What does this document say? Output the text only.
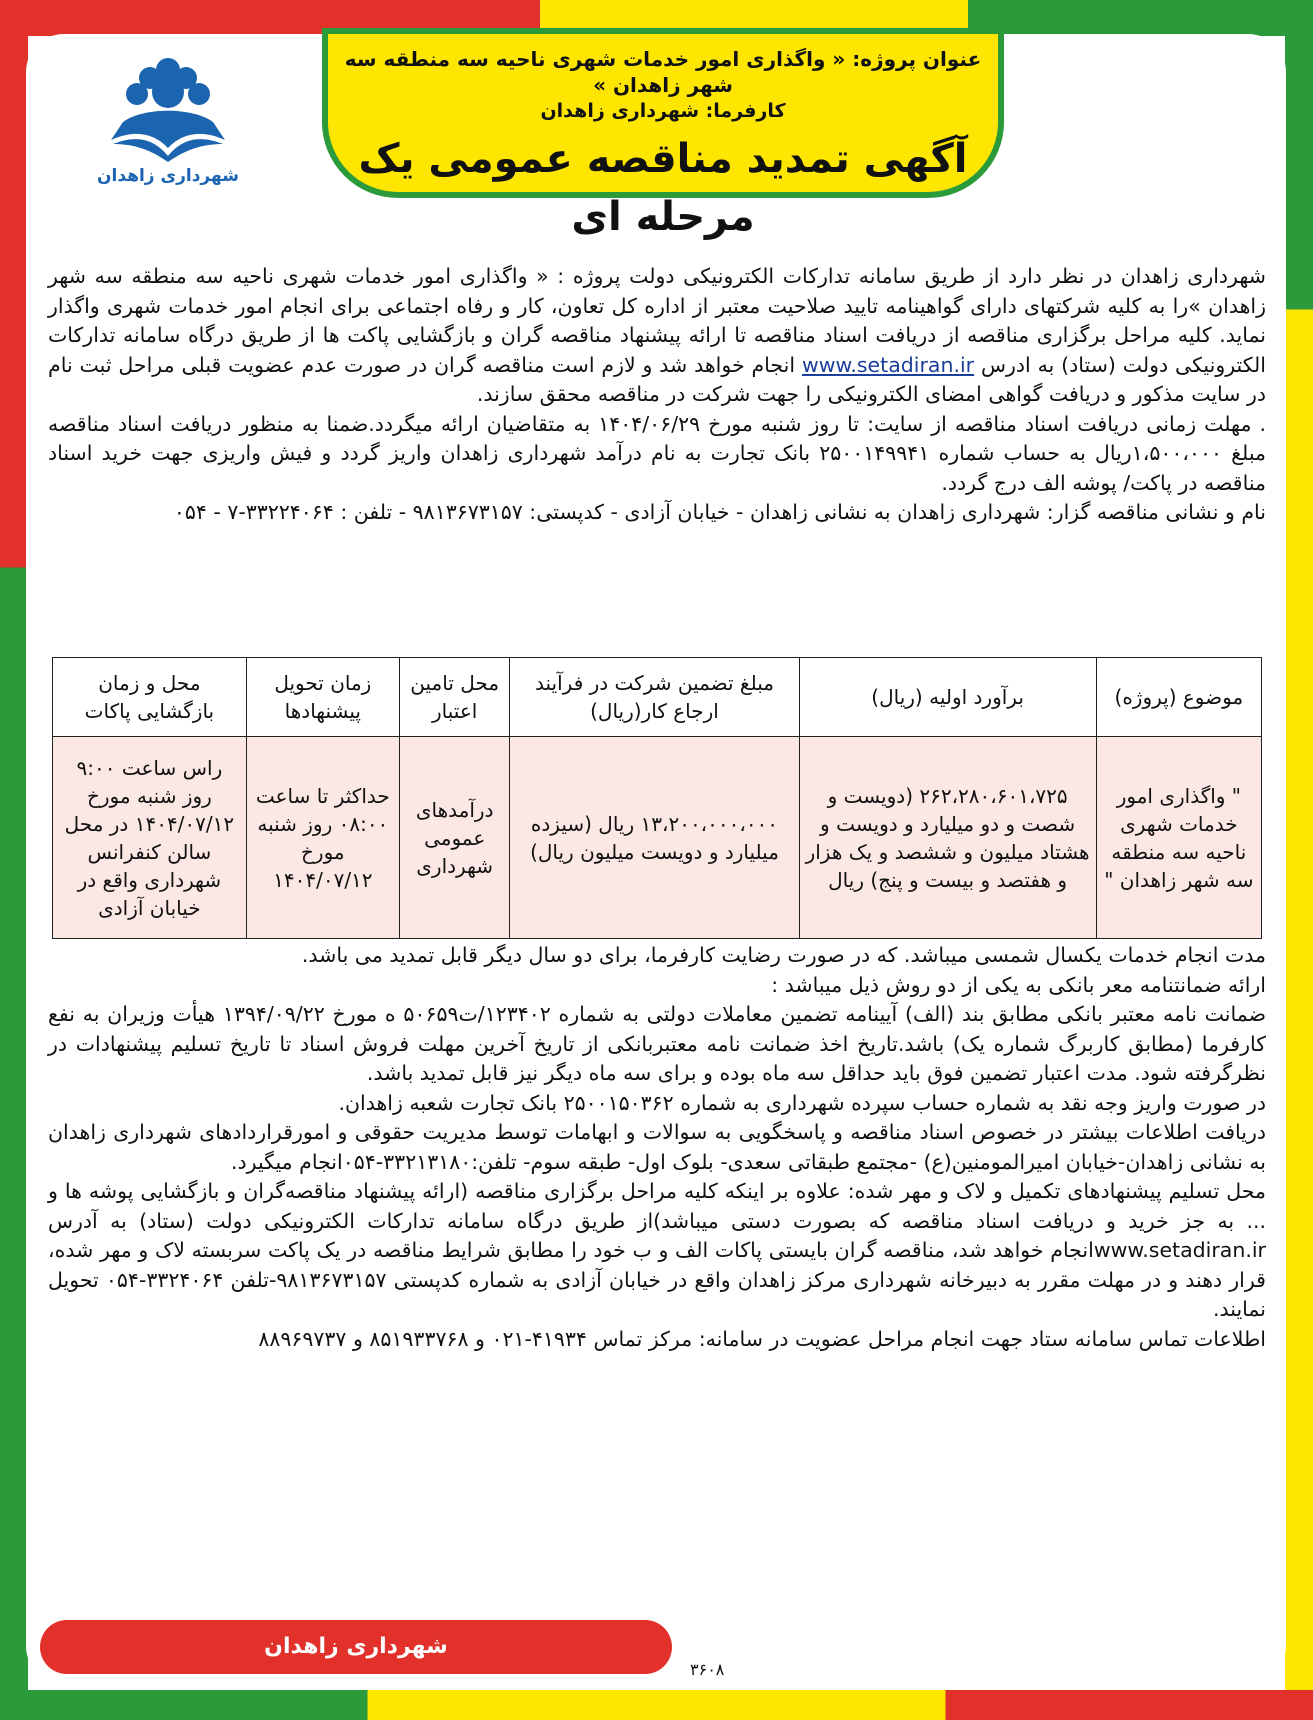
عنوان پروژه: « واگذاری امور خدمات شهری ناحیه سه منطقه سه شهر زاهدان »
کارفرما: شهرداری زاهدان
آگهی تمدید مناقصه عمومی یک مرحله ای
شهرداری زاهدان

شهرداری زاهدان در نظر دارد از طریق سامانه تدارکات الکترونیکی دولت پروژه : « واگذاری امور خدمات شهری ناحیه سه منطقه سه شهر زاهدان »را به کلیه شرکتهای دارای گواهینامه تایید صلاحیت معتبر از اداره کل تعاون، کار و رفاه اجتماعی برای انجام امور خدمات شهری واگذار نماید. کلیه مراحل برگزاری مناقصه از دریافت اسناد مناقصه تا ارائه پیشنهاد مناقصه گران و بازگشایی پاکت ها از طریق درگاه سامانه تدارکات الکترونیکی دولت (ستاد) به ادرس www.setadiran.ir انجام خواهد شد و لازم است مناقصه گران در صورت عدم عضویت قبلی مراحل ثبت نام در سایت مذکور و دریافت گواهی امضای الکترونیکی را جهت شرکت در مناقصه محقق سازند.

. مهلت زمانی دریافت اسناد مناقصه از سایت: تا روز شنبه مورخ ۱۴۰۴/۰۶/۲۹ به متقاضیان ارائه میگردد.ضمنا به منظور دریافت اسناد مناقصه مبلغ ۱،۵۰۰،۰۰۰ریال به حساب شماره ۲۵۰۰۱۴۹۹۴۱ بانک تجارت به نام درآمد شهرداری زاهدان واریز گردد و فیش واریزی جهت خرید اسناد مناقصه در پاکت/ پوشه الف درج گردد.

نام و نشانی مناقصه گزار: شهرداری زاهدان به نشانی زاهدان - خیابان آزادی - کدپستی: ۹۸۱۳۶۷۳۱۵۷ - تلفن : ۳۳۲۲۴۰۶۴-۷ - ۰۵۴

موضوع (پروژه)	برآورد اولیه (ریال)	مبلغ تضمین شرکت در فرآیند ارجاع کار(ریال)	محل تامین اعتبار	زمان تحویل پیشنهادها	محل و زمان بازگشایی پاکات
" واگذاری امور خدمات شهری ناحیه سه منطقه سه شهر زاهدان "	۲۶۲،۲۸۰،۶۰۱،۷۲۵ (دویست و شصت و دو میلیارد و دویست و هشتاد میلیون و ششصد و یک هزار و هفتصد و بیست و پنج) ریال	۱۳،۲۰۰،۰۰۰،۰۰۰ ریال (سیزده میلیارد و دویست میلیون ریال)	درآمدهای عمومی شهرداری	حداکثر تا ساعت ۰۸:۰۰ روز شنبه مورخ ۱۴۰۴/۰۷/۱۲	راس ساعت ۹:۰۰ روز شنبه مورخ ۱۴۰۴/۰۷/۱۲ در محل سالن کنفرانس شهرداری واقع در خیابان آزادی

مدت انجام خدمات یکسال شمسی میباشد. که در صورت رضایت کارفرما، برای دو سال دیگر قابل تمدید می باشد.

ارائه ضمانتنامه معر بانکی به یکی از دو روش ذیل میباشد :

ضمانت نامه معتبر بانکی مطابق بند (الف) آیینامه تضمین معاملات دولتی به شماره ۱۲۳۴۰۲/ت۵۰۶۵۹ ه مورخ ۱۳۹۴/۰۹/۲۲ هیأت وزیران به نفع کارفرما (مطابق کاربرگ شماره یک) باشد.تاریخ اخذ ضمانت نامه معتبربانکی از تاریخ آخرین مهلت فروش اسناد تا تاریخ تسلیم پیشنهادات در نظرگرفته شود. مدت اعتبار تضمین فوق باید حداقل سه ماه بوده و برای سه ماه دیگر نیز قابل تمدید باشد.

در صورت واریز وجه نقد به شماره حساب سپرده شهرداری به شماره ۲۵۰۰۱۵۰۳۶۲ بانک تجارت شعبه زاهدان.

دریافت اطلاعات بیشتر در خصوص اسناد مناقصه و پاسخگویی به سوالات و ابهامات توسط مدیریت حقوقی و امورقراردادهای شهرداری زاهدان به نشانی زاهدان-خیابان امیرالمومنین(ع) -مجتمع طبقاتی سعدی- بلوک اول- طبقه سوم- تلفن:۳۳۲۱۳۱۸۰-۰۵۴انجام میگیرد.

محل تسلیم پیشنهادهای تکمیل و لاک و مهر شده: علاوه بر اینکه کلیه مراحل برگزاری مناقصه (ارائه پیشنهاد مناقصه‌گران و بازگشایی پوشه ها و ... به جز خرید و دریافت اسناد مناقصه که بصورت دستی میباشد)از طریق درگاه سامانه تدارکات الکترونیکی دولت (ستاد) به آدرس www.setadiran.irانجام خواهد شد، مناقصه گران بایستی پاکات الف و ب خود را مطابق شرایط مناقصه در یک پاکت سربسته لاک و مهر شده، قرار دهند و در مهلت مقرر به دبیرخانه شهرداری مرکز زاهدان واقع در خیابان آزادی به شماره کدپستی ۹۸۱۳۶۷۳۱۵۷-تلفن ۳۳۲۴۰۶۴-۰۵۴ تحویل نمایند.

اطلاعات تماس سامانه ستاد جهت انجام مراحل عضویت در سامانه: مرکز تماس ۴۱۹۳۴-۰۲۱ و ۸۵۱۹۳۳۷۶۸ و ۸۸۹۶۹۷۳۷

شهرداری زاهدان
۳۶۰۸
